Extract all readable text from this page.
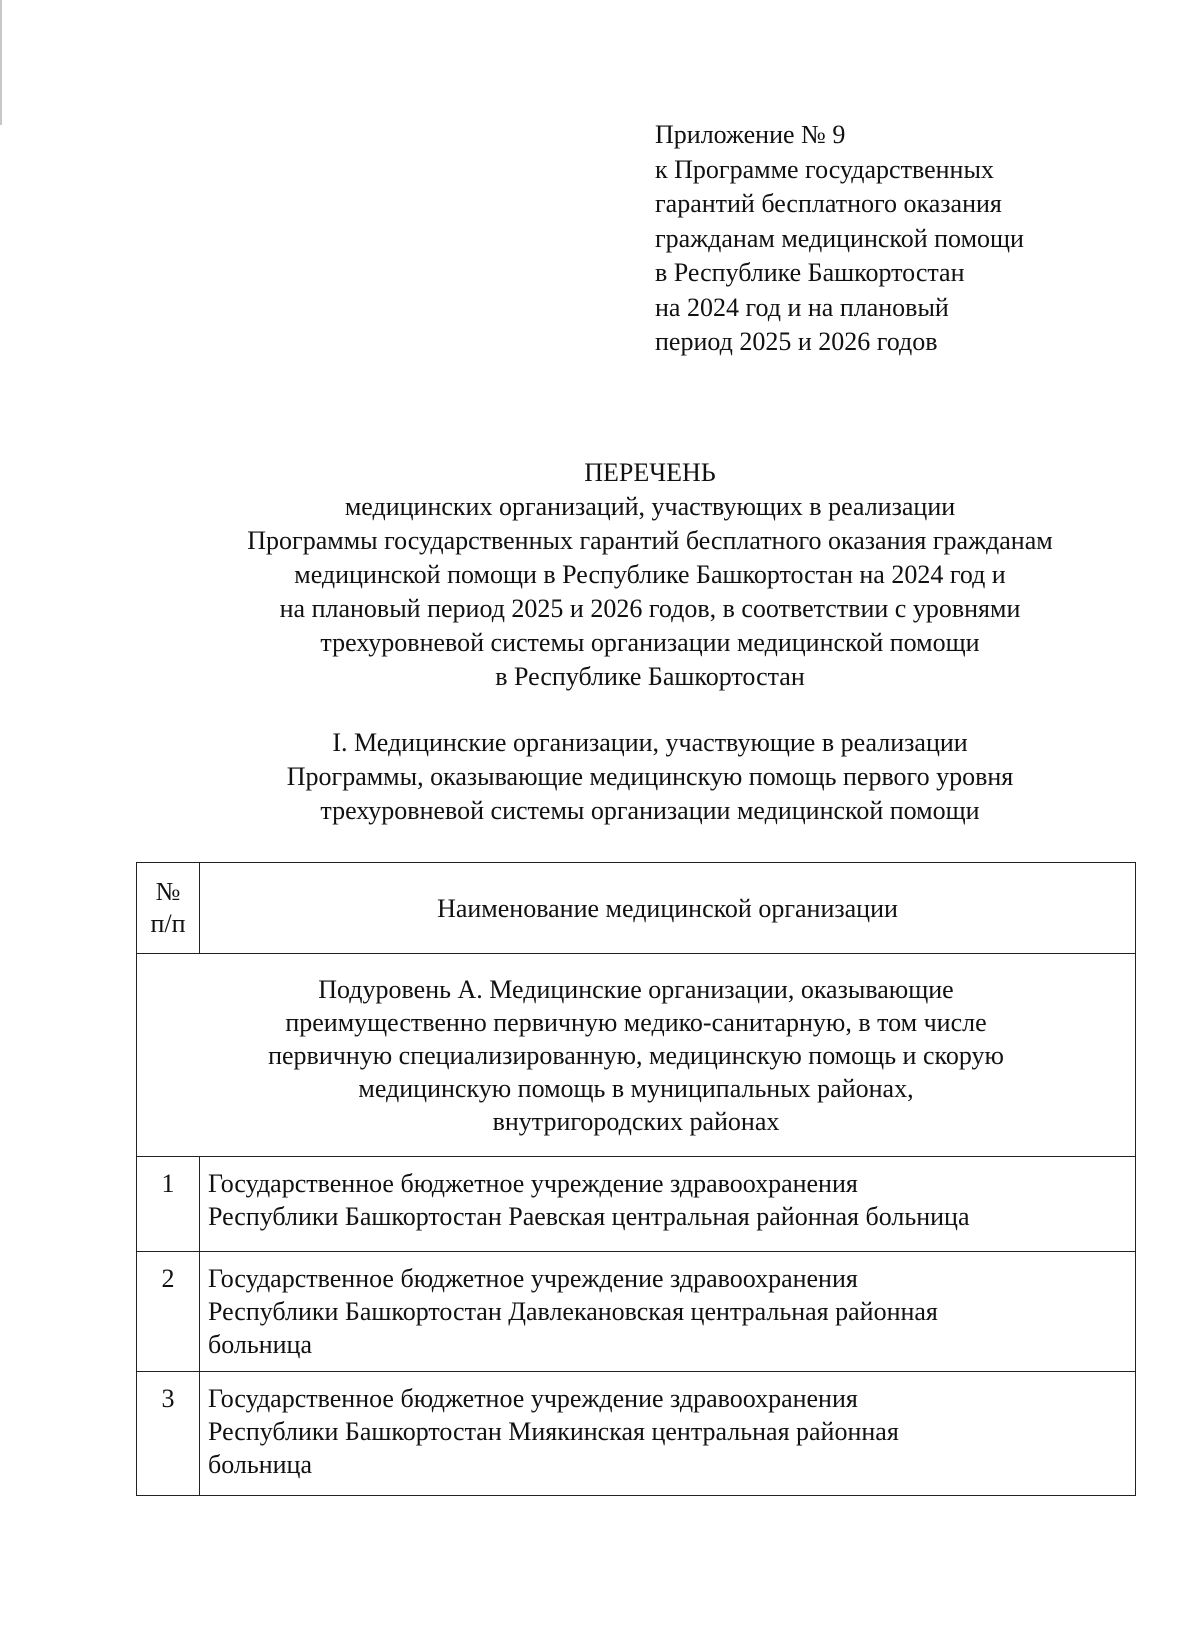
Приложение № 9
к Программе государственных
гарантий бесплатного оказания
гражданам медицинской помощи
в Республике Башкортостан
на 2024 год и на плановый
период 2025 и 2026 годов
ПЕРЕЧЕНЬ
медицинских организаций, участвующих в реализации
Программы государственных гарантий бесплатного оказания гражданам
медицинской помощи в Республике Башкортостан на 2024 год и
на плановый период 2025 и 2026 годов, в соответствии с уровнями
трехуровневой системы организации медицинской помощи
в Республике Башкортостан
I. Медицинские организации, участвующие в реализации
Программы, оказывающие медицинскую помощь первого уровня
трехуровневой системы организации медицинской помощи
№
п/п	Наименование медицинской организации

Подуровень А. Медицинские организации, оказывающие
преимущественно первичную медико-санитарную, в том числе
первичную специализированную, медицинскую помощь и скорую
медицинскую помощь в муниципальных районах,
внутригородских районах	

1	Государственное бюджетное учреждение здравоохранения
Республики Башкортостан Раевская центральная районная больница

2	Государственное бюджетное учреждение здравоохранения
Республики Башкортостан Давлекановская центральная районная
больница

3	Государственное бюджетное учреждение здравоохранения
Республики Башкортостан Миякинская центральная районная
больница
